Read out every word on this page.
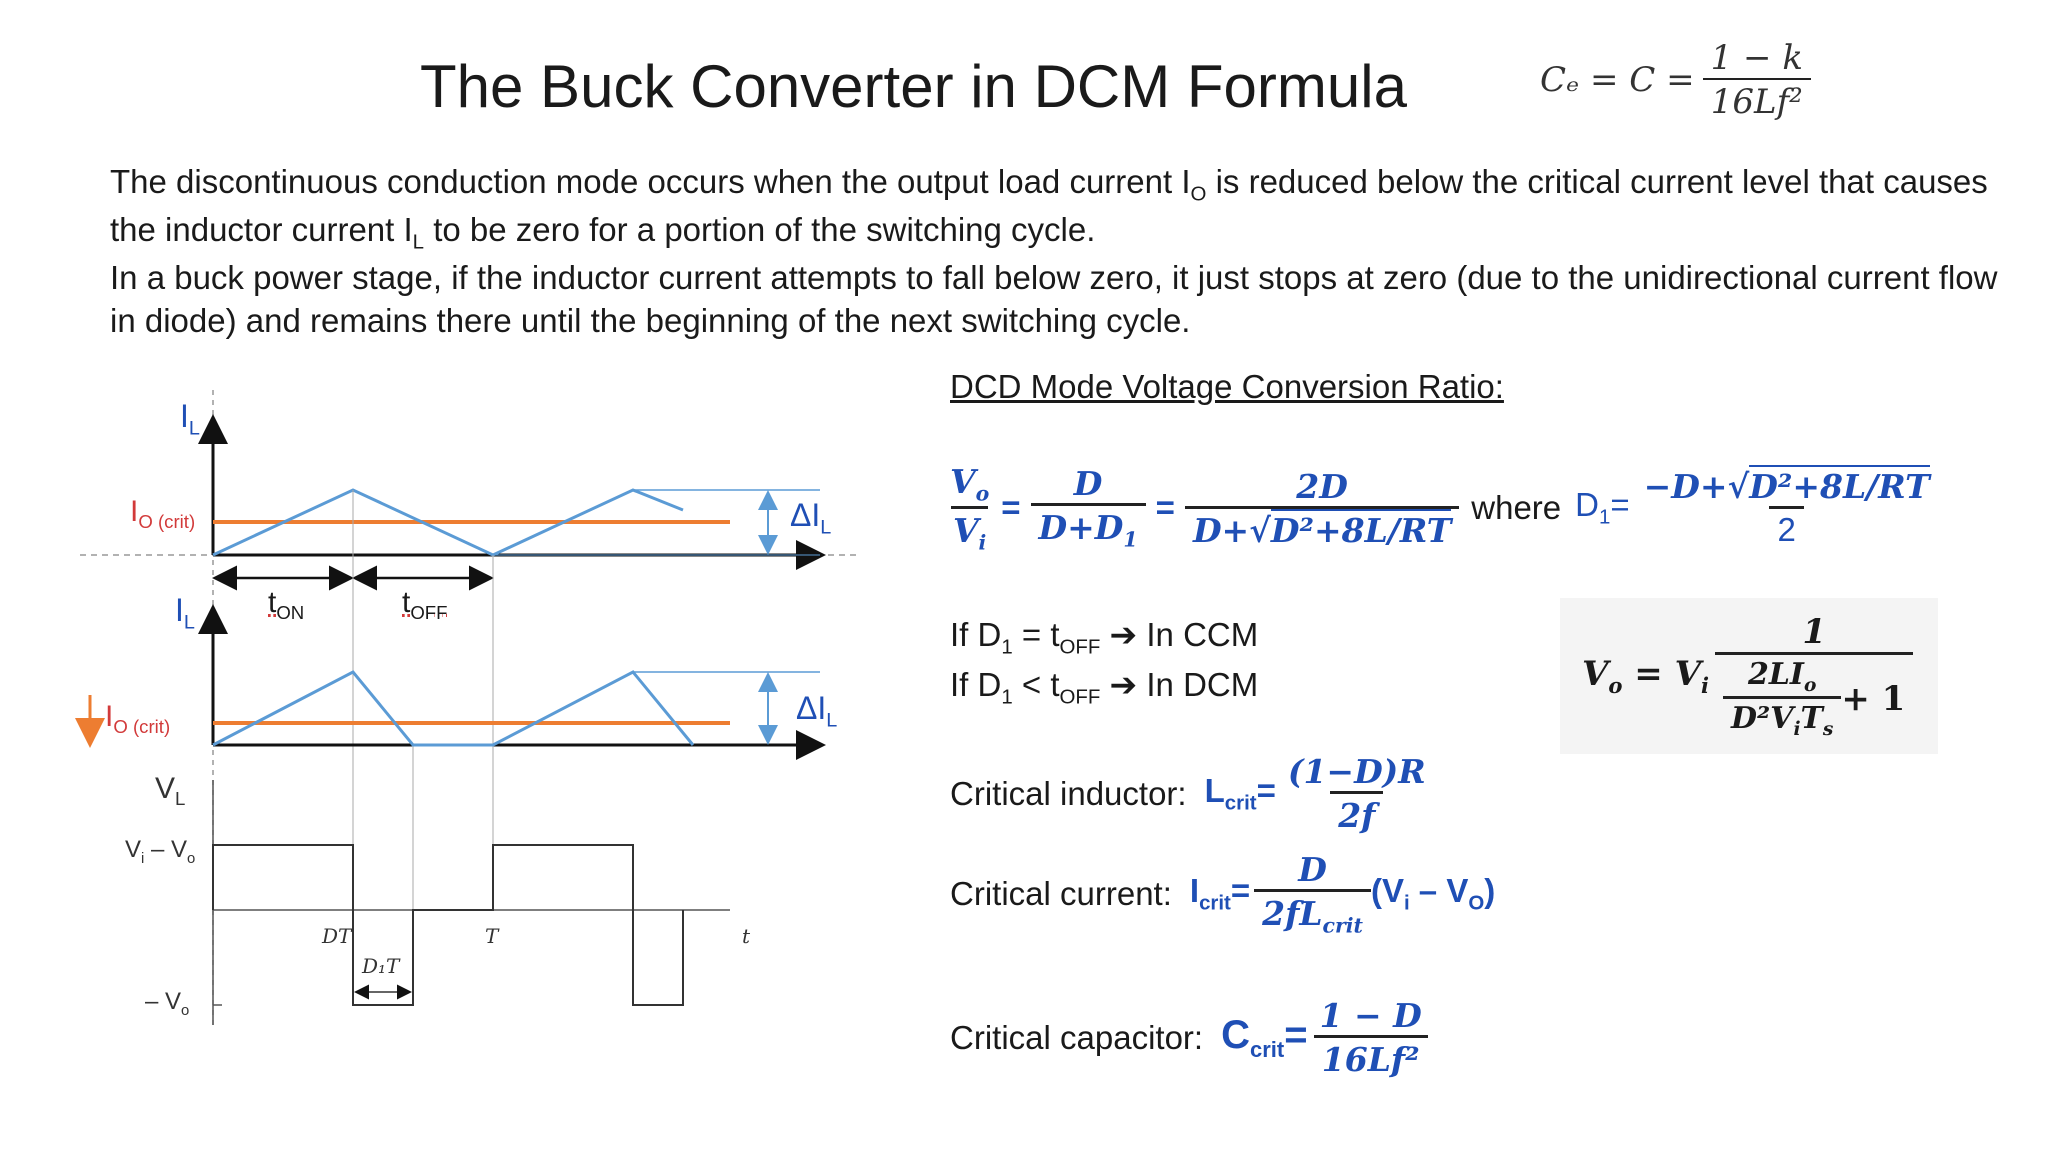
The Buck Converter in DCM Formula	$C_e = C = \frac{1 - k}{\text{16Lf²}}$
The discontinuous conduction mode occurs when the output load current $I_O$ is reduced below the critical current level that causes the inductor current $I_L$ to be zero for a portion of the switching cycle.
In a buck power stage, if the inductor current attempts to fall below zero, it just stops at zero (due to the unidirectional current flow in diode) and remains there until the beginning of the next switching cycle.
$I_L$
$I_{O (crit)}$	$\Delta I_L$
$I_L$
$t_{ON}$	$t_{OFF}$
$I_{O (crit)}$
$\Delta I_L$
$V_L$
$V_i - V_o$
– $V_o$
DT
D₁T
T	t
DCD Mode Voltage Conversion Ratio:
$\frac{V_o}{V_i} = \frac{D}{D+D_1} = \frac{2D}{\text{D+√D²+8L/RT}}$ where $D_1= \frac{\text{−D+√D²+8L/RT}}{2}$
If $D_1 = t_{OFF}$ ➔ In CCM
If $D_1 < t_{OFF}$ ➔ In DCM	$V_o = V_i \frac{1}{\frac{2LI_o}{D^2V_iT_s} + 1}$
Critical inductor: $L_{crit}= \frac{(1-D)R}{2f}$
Critical current: $I_{crit}= \frac{D}{2fL_{crit}} (V_i - V_O)$
Critical capacitor: $C_{crit}= \frac{1 - D}{\text{16Lf²}}$
